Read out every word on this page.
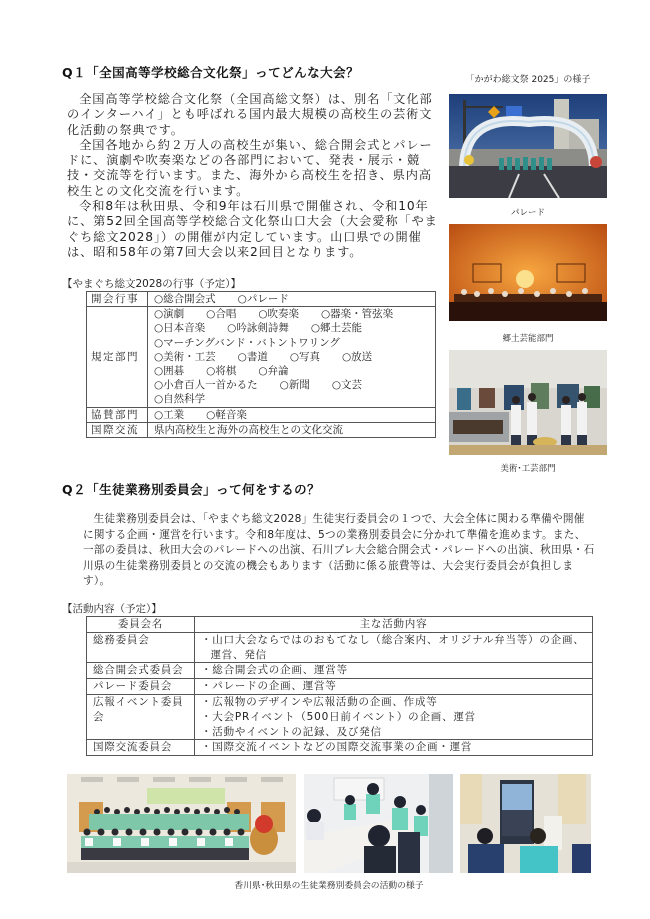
Q１「全国高等学校総合文化祭」ってどんな大会？

全国高等学校総合文化祭（全国高総文祭）は、別名「文化部のインターハイ」とも呼ばれる国内最大規模の高校生の芸術文化活動の祭典です。

全国各地から約２万人の高校生が集い、総合開会式とパレードに、演劇や吹奏楽などの各部門において、発表・展示・競技・交流等を行います。また、海外から高校生を招き、県内高校生との文化交流を行います。

令和8年は秋田県、令和9年は石川県で開催され、令和10年に、第52回全国高等学校総合文化祭山口大会（大会愛称「やまぐち総文2028」）の開催が内定しています。山口県での開催は、昭和58年の第7回大会以来2回目となります。

【やまぐち総文2028の行事（予定）】
開会行事	○総合開会式 ○パレード

規定部門	
○演劇 ○合唱 ○吹奏楽 ○器楽・管弦楽
○日本音楽 ○吟詠剣詩舞 ○郷土芸能
○マーチングバンド・バトントワリング
○美術・工芸 ○書道 ○写真 ○放送
○囲碁 ○将棋 ○弁論
○小倉百人一首かるた ○新聞 ○文芸
○自然科学

協賛部門	○工業 ○軽音楽

国際交流	県内高校生と海外の高校生との文化交流
「かがわ総文祭 2025」の様子
パレード
郷土芸能部門
美術･工芸部門
Q２「生徒業務別委員会」って何をするの？

生徒業務別委員会は、「やまぐち総文2028」生徒実行委員会の１つで、大会全体に関わる準備や開催に関する企画・運営を行います。令和8年度は、5つの業務別委員会に分かれて準備を進めます。また、一部の委員は、秋田大会のパレードへの出演、石川プレ大会総合開会式・パレードへの出演、秋田県・石川県の生徒業務別委員との交流の機会もあります（活動に係る旅費等は、大会実行委員会が負担します）。

【活動内容（予定）】
委員会名	主な活動内容
総務委員会	・山口大会ならではのおもてなし（総合案内、オリジナル弁当等）の企画、運営、発信

総合開会式委員会	・総合開会式の企画、運営等

パレード委員会	・パレードの企画、運営等

広報イベント委員会	・広報物のデザインや広報活動の企画、作成等
・大会PRイベント（500日前イベント）の企画、運営
・活動やイベントの記録、及び発信

国際交流委員会	・国際交流イベントなどの国際交流事業の企画・運営
香川県･秋田県の生徒業務別委員会の活動の様子
